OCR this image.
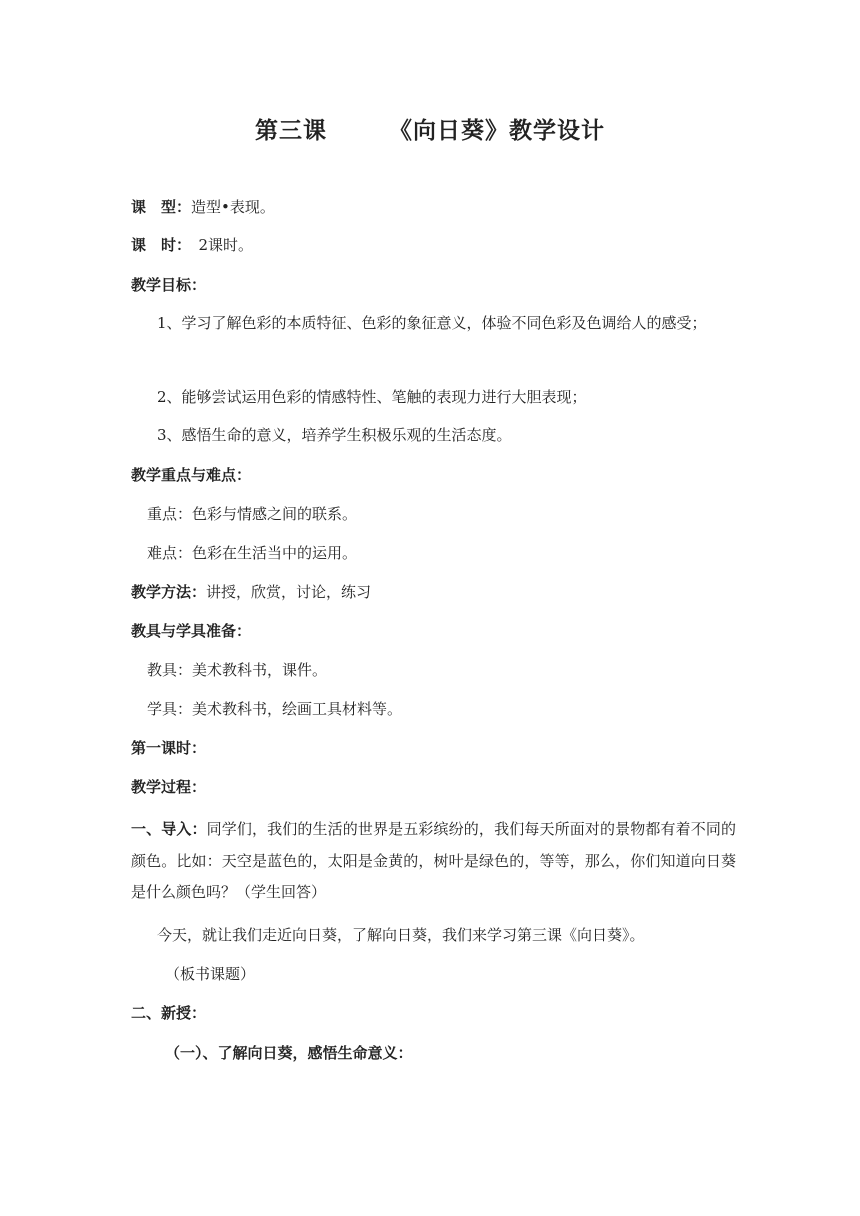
第三课	《向日葵》教学设计
课　型：造型•表现。
课　时：　2课时。
教学目标：
1、学习了解色彩的本质特征、色彩的象征意义，体验不同色彩及色调给人的感受；
2、能够尝试运用色彩的情感特性、笔触的表现力进行大胆表现；
3、感悟生命的意义，培养学生积极乐观的生活态度。
教学重点与难点：
重点：色彩与情感之间的联系。
难点：色彩在生活当中的运用。
教学方法：讲授，欣赏，讨论，练习
教具与学具准备：
教具：美术教科书，课件。
学具：美术教科书，绘画工具材料等。
第一课时：
教学过程：
一、导入：同学们，我们的生活的世界是五彩缤纷的，我们每天所面对的景物都有着不同的颜色。比如：天空是蓝色的，太阳是金黄的，树叶是绿色的，等等，那么，你们知道向日葵是什么颜色吗？（学生回答）
今天，就让我们走近向日葵，了解向日葵，我们来学习第三课《向日葵》。
（板书课题）
二、新授：
（一）、了解向日葵，感悟生命意义：
